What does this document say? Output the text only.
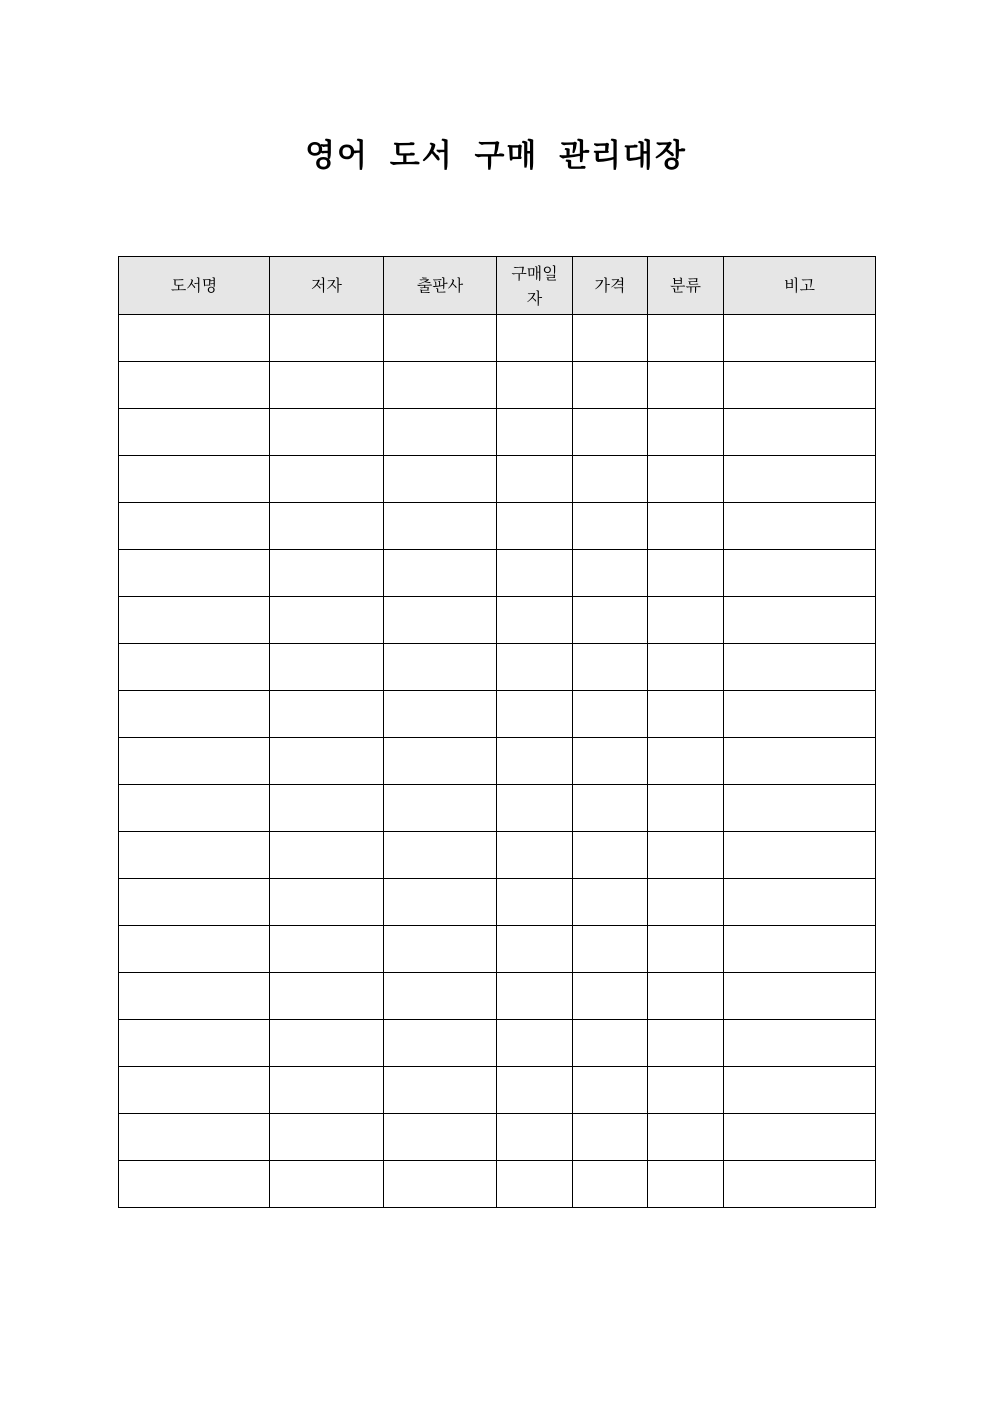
영어 도서 구매 관리대장
도서명	저자	출판사	구매일자	가격	분류	비고
